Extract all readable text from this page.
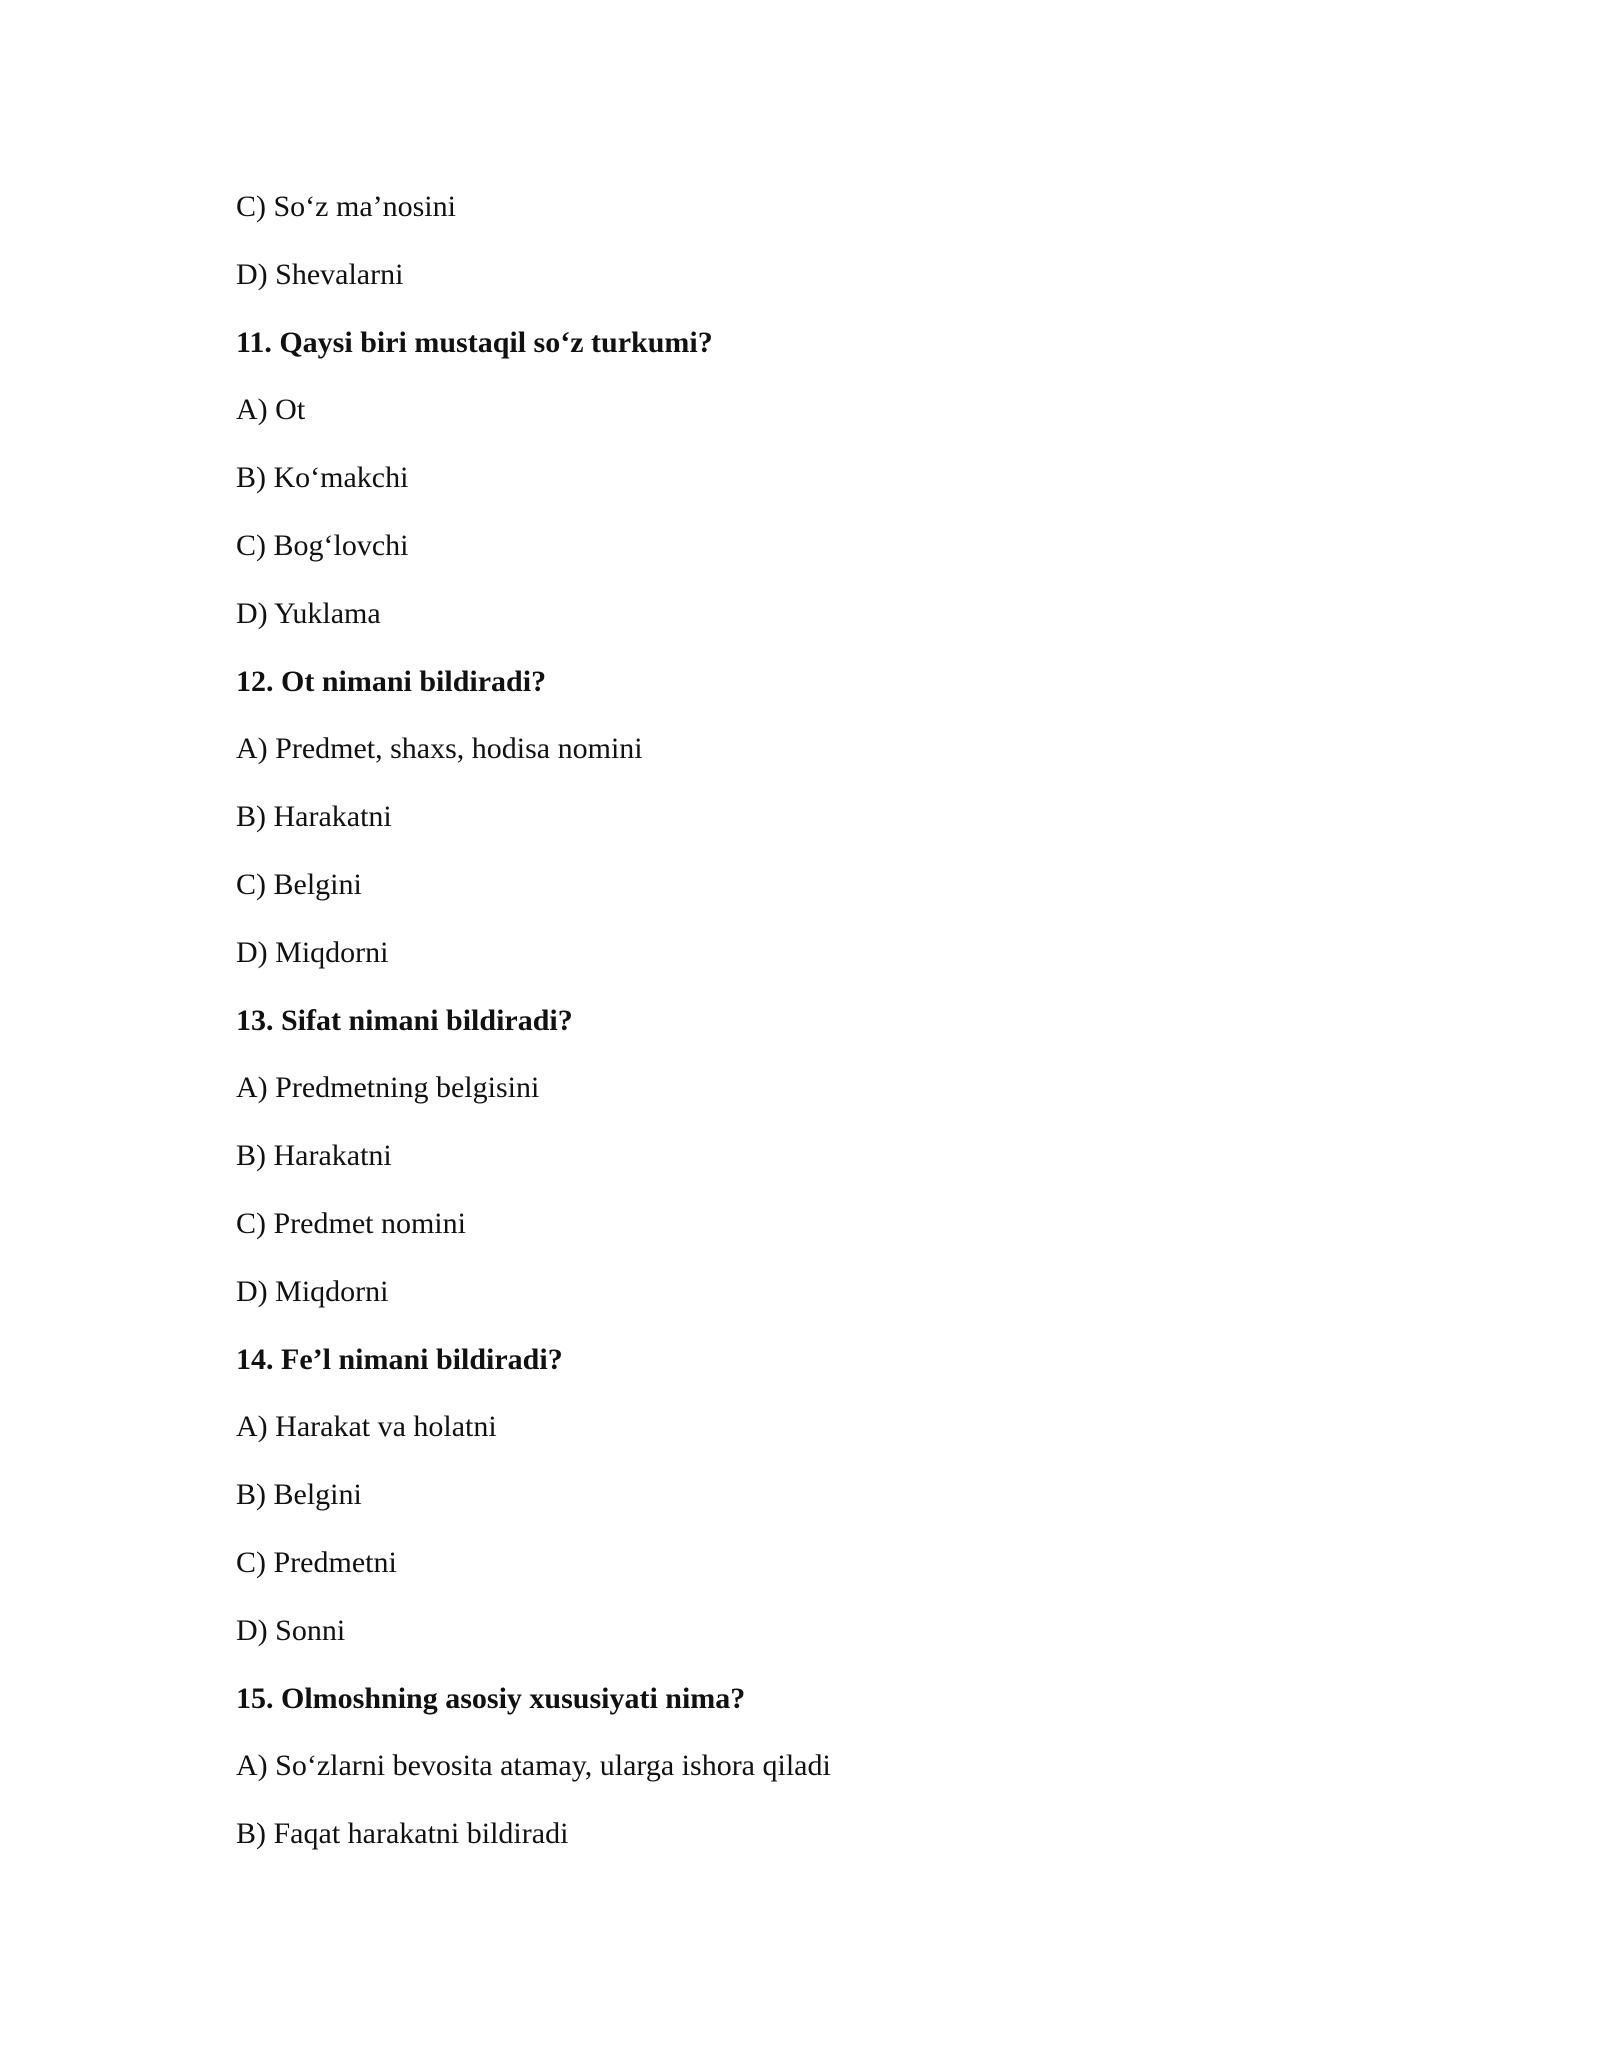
C) So‘z ma’nosini
D) Shevalarni
11. Qaysi biri mustaqil so‘z turkumi?
A) Ot
B) Ko‘makchi
C) Bog‘lovchi
D) Yuklama
12. Ot nimani bildiradi?
A) Predmet, shaxs, hodisa nomini
B) Harakatni
C) Belgini
D) Miqdorni
13. Sifat nimani bildiradi?
A) Predmetning belgisini
B) Harakatni
C) Predmet nomini
D) Miqdorni
14. Fe’l nimani bildiradi?
A) Harakat va holatni
B) Belgini
C) Predmetni
D) Sonni
15. Olmoshning asosiy xususiyati nima?
A) So‘zlarni bevosita atamay, ularga ishora qiladi
B) Faqat harakatni bildiradi
